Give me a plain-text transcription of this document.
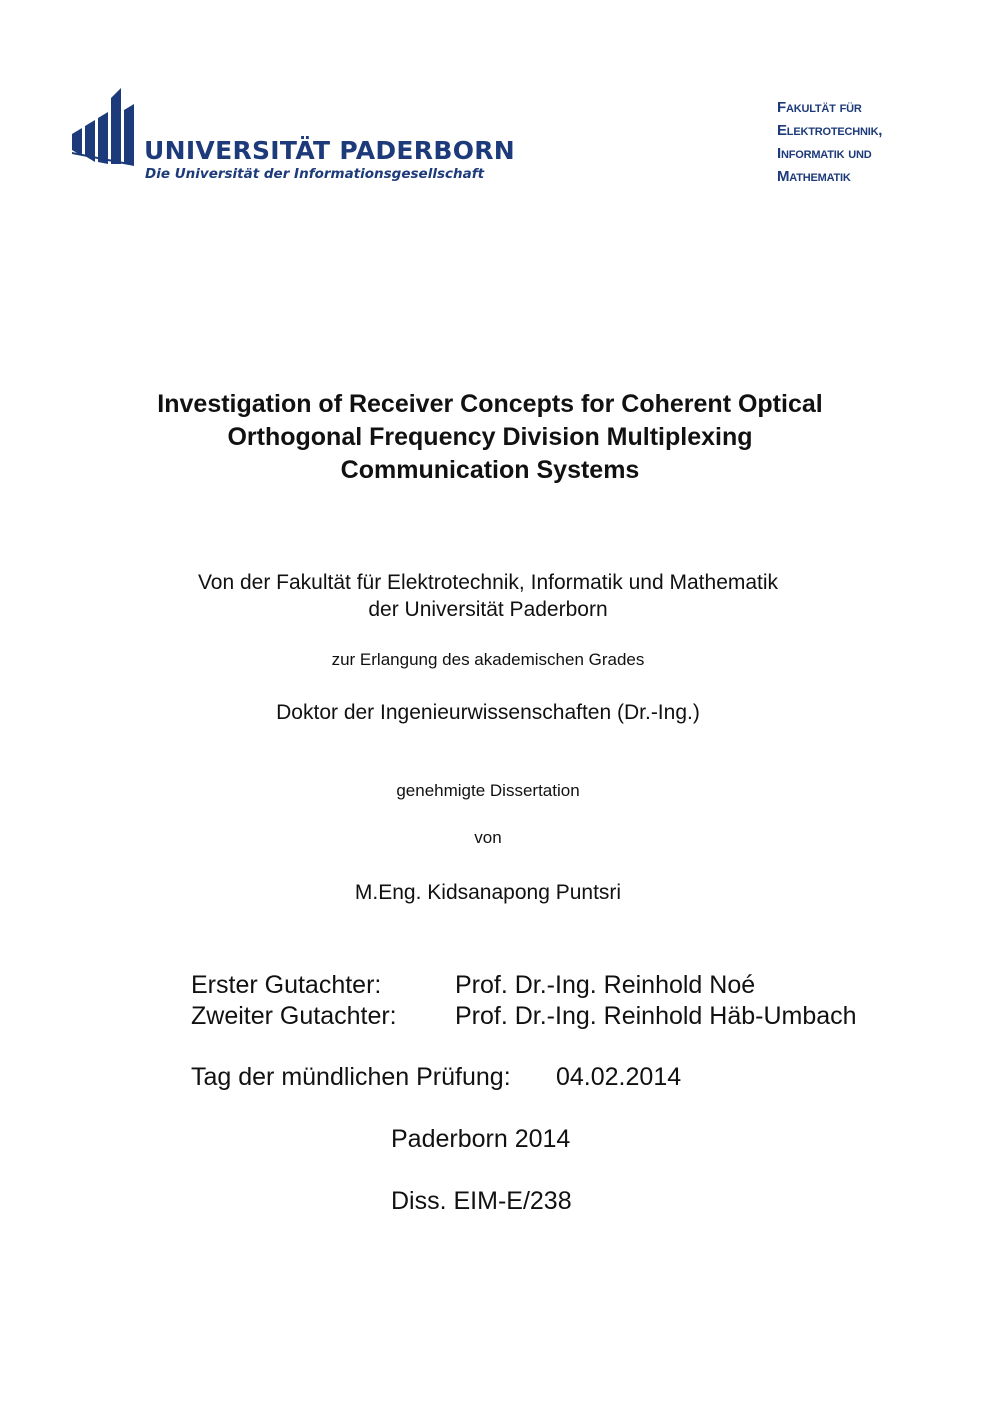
UNIVERSITÄT PADERBORN
Die Universität der Informationsgesellschaft
Fakultät für
Elektrotechnik,
Informatik und
Mathematik
Investigation of Receiver Concepts for Coherent Optical
Orthogonal Frequency Division Multiplexing
Communication Systems
Von der Fakultät für Elektrotechnik, Informatik und Mathematik
der Universität Paderborn
zur Erlangung des akademischen Grades
Doktor der Ingenieurwissenschaften (Dr.-Ing.)
genehmigte Dissertation
von
M.Eng. Kidsanapong Puntsri
Erster Gutachter:	Prof. Dr.-Ing. Reinhold Noé
Zweiter Gutachter: Prof. Dr.-Ing. Reinhold Häb-Umbach
Tag der mündlichen Prüfung: 04.02.2014
Paderborn 2014
Diss. EIM-E/238
